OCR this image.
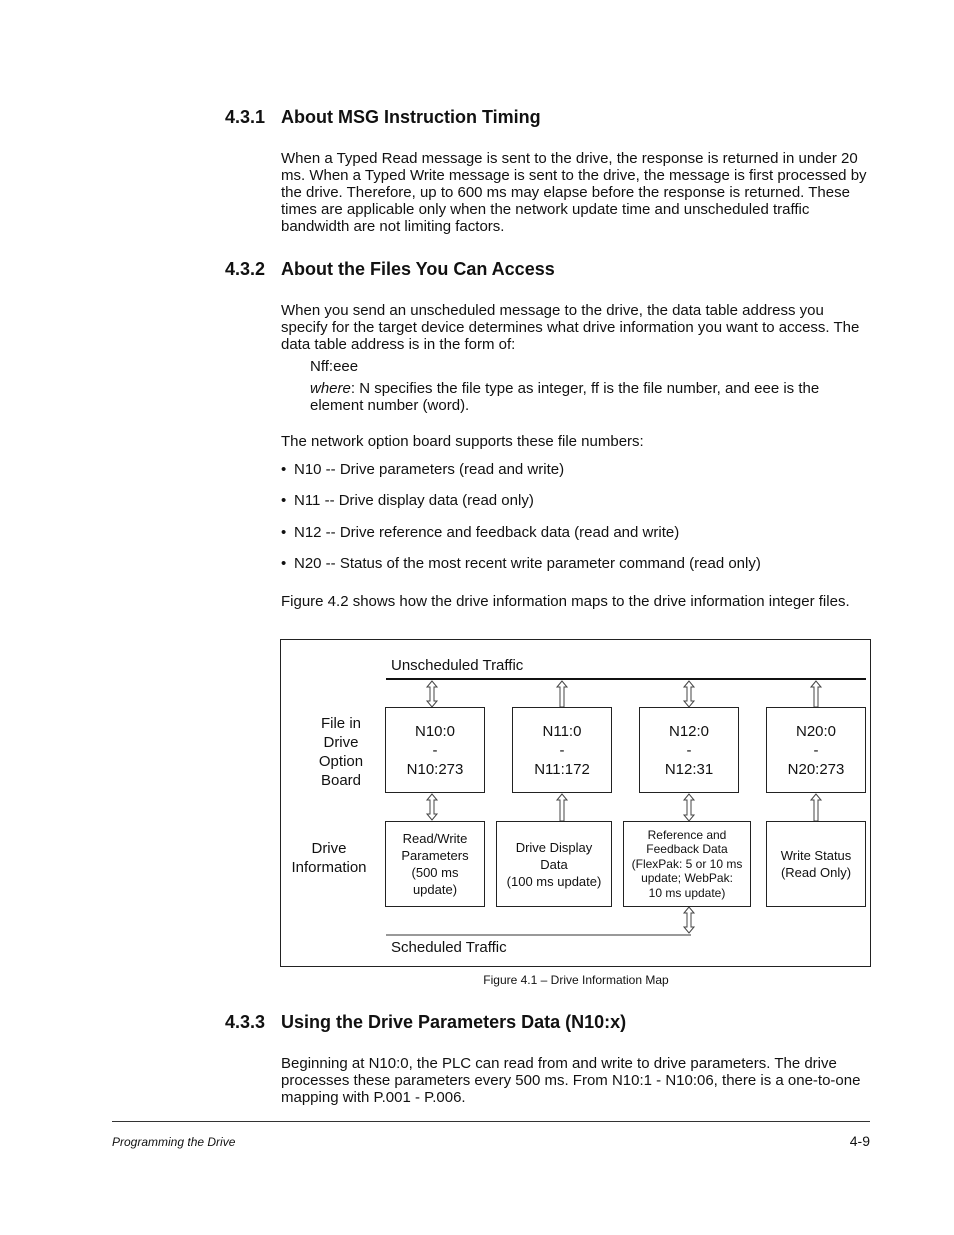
4.3.1 About MSG Instruction Timing

When a Typed Read message is sent to the drive, the response is returned in under 20 ms. When a Typed Write message is sent to the drive, the message is first processed by the drive. Therefore, up to 600 ms may elapse before the response is returned. These times are applicable only when the network update time and unscheduled traffic bandwidth are not limiting factors.

4.3.2 About the Files You Can Access

When you send an unscheduled message to the drive, the data table address you specify for the target device determines what drive information you want to access. The data table address is in the form of:

Nff:eee

where: N specifies the file type as integer, ff is the file number, and eee is the element number (word).

The network option board supports these file numbers:

• N10 -- Drive parameters (read and write)
• N11 -- Drive display data (read only)
• N12 -- Drive reference and feedback data (read and write)
• N20 -- Status of the most recent write parameter command (read only)

Figure 4.2 shows how the drive information maps to the drive information integer files.

Unscheduled Traffic
Scheduled Traffic
File in
Drive
Option
Board
Drive
Information
N10:0
-
N10:273
N11:0
-
N11:172
N12:0
-
N12:31
N20:0
-
N20:273
Read/Write
Parameters
(500 ms
update)
Drive Display
Data
(100 ms update)
Reference and
Feedback Data
(FlexPak: 5 or 10 ms
update; WebPak:
10 ms update)
Write Status
(Read Only)
Figure 4.1 – Drive Information Map
4.3.3 Using the Drive Parameters Data (N10:x)

Beginning at N10:0, the PLC can read from and write to drive parameters. The drive processes these parameters every 500 ms. From N10:1 - N10:06, there is a one-to-one mapping with P.001 - P.006.

Programming the Drive	4-9
